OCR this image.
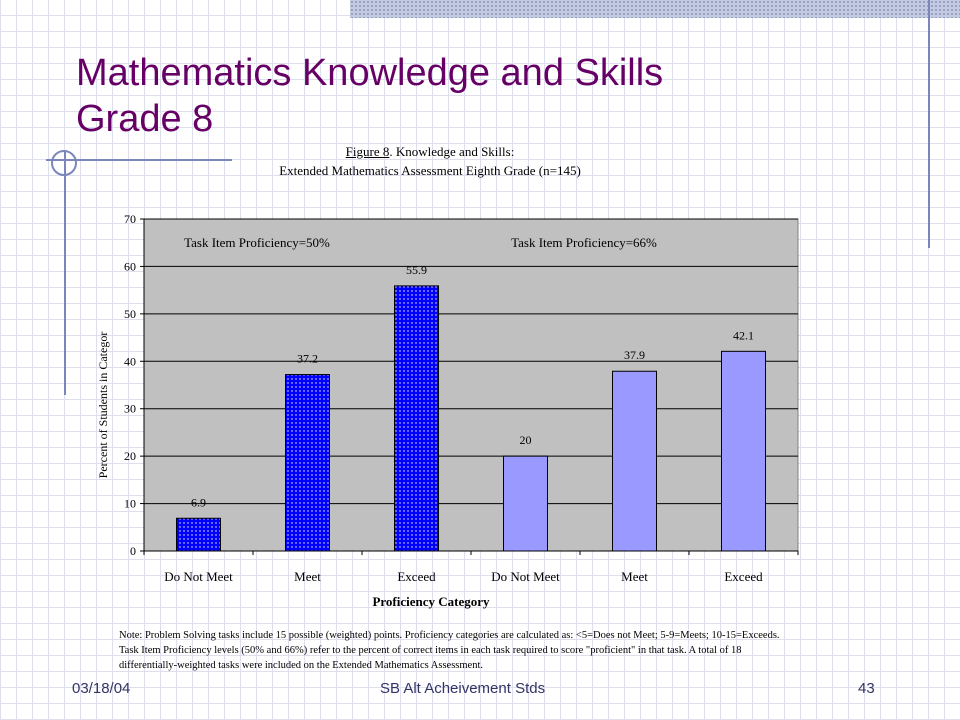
Mathematics Knowledge and Skills
Grade 8
Figure 8. Knowledge and Skills:
Extended Mathematics Assessment Eighth Grade (n=145)
0
10
20
30
40
50
60
70
6.9
Do Not Meet
37.2
Meet
55.9
Exceed
20
Do Not Meet
37.9
Meet
42.1
Exceed
Task Item Proficiency=50%	Task Item Proficiency=66%
Proficiency Category
Percent of Students in Categor
Note: Problem Solving tasks include 15 possible (weighted) points. Proficiency categories are calculated as: <5=Does not Meet; 5-9=Meets; 10-15=Exceeds. Task Item Proficiency levels (50% and 66%) refer to the percent of correct items in each task required to score "proficient" in that task. A total of 18 differentially-weighted tasks were included on the Extended Mathematics Assessment.
03/18/04	SB Alt Acheivement Stds	43
